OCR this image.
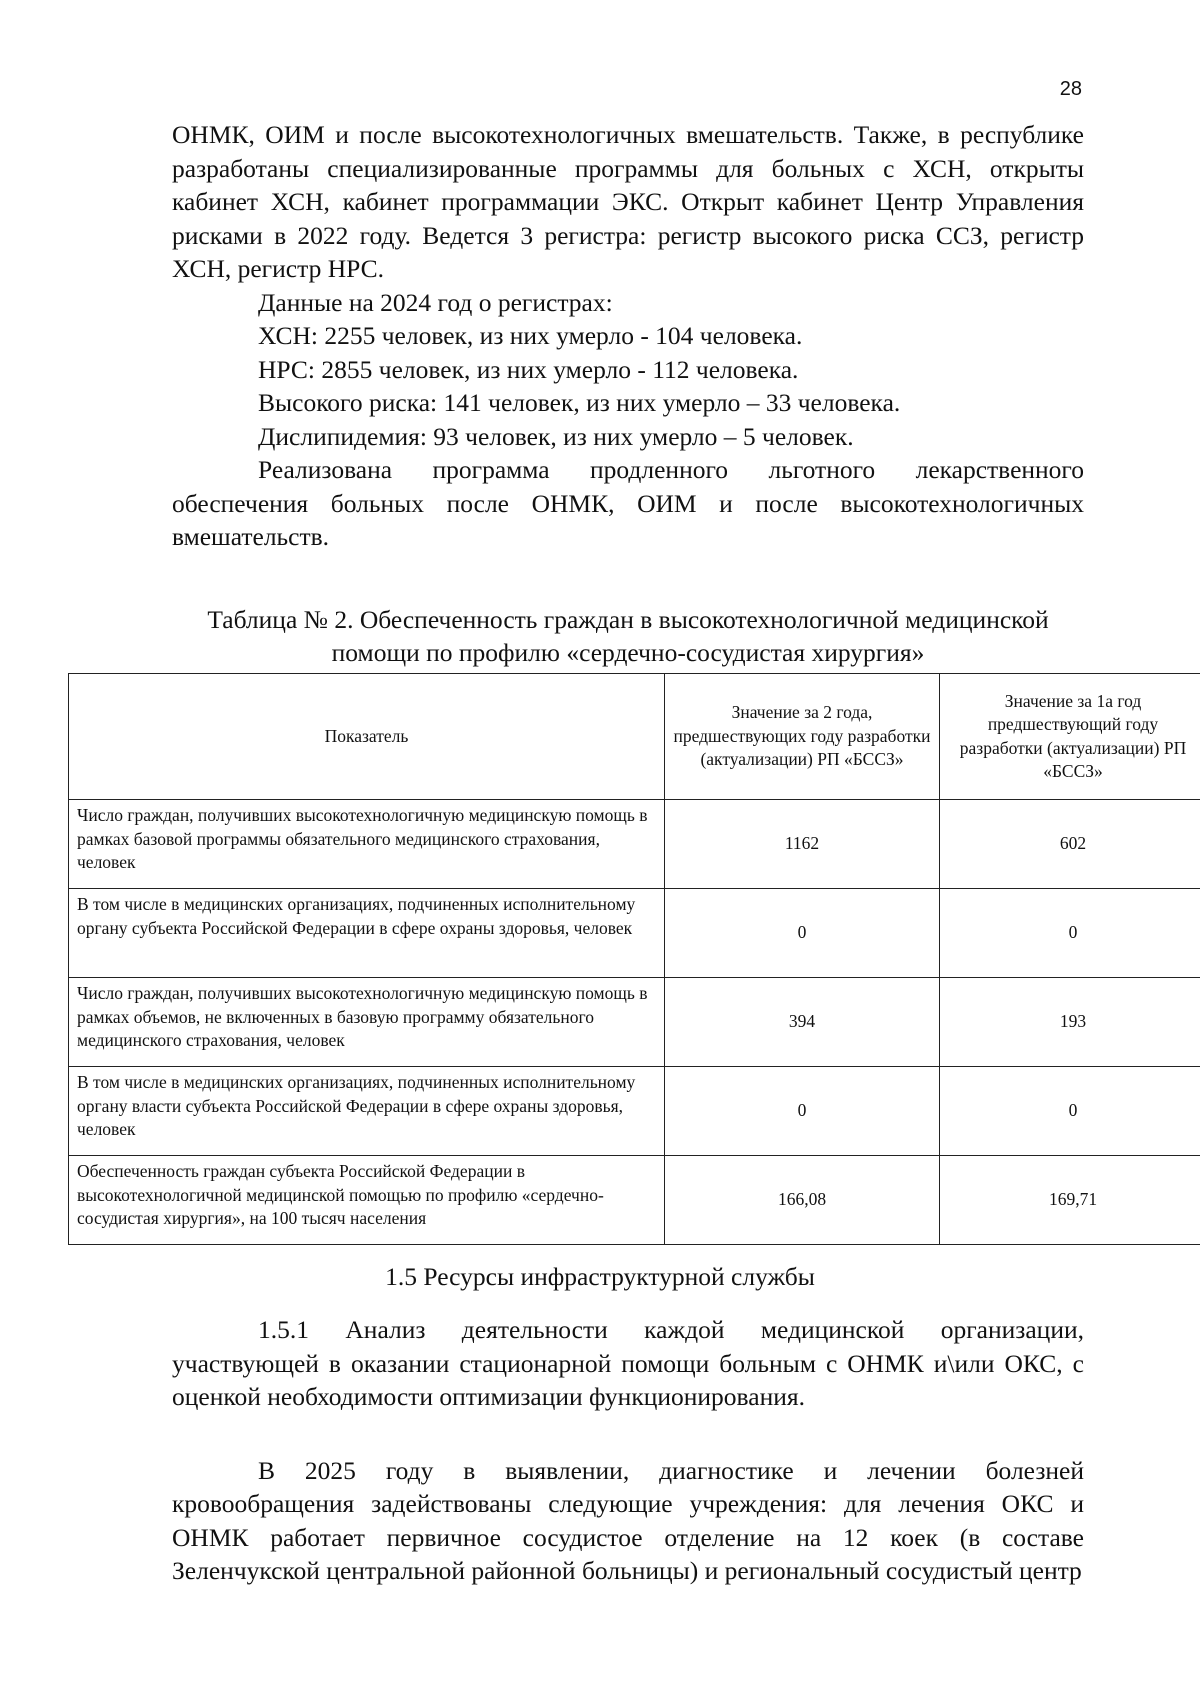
28

ОНМК, ОИМ и после высокотехнологичных вмешательств. Также, в республике разработаны специализированные программы для больных с ХСН, открыты кабинет ХСН, кабинет программации ЭКС. Открыт кабинет Центр Управления рисками в 2022 году. Ведется 3 регистра: регистр высокого риска ССЗ, регистр ХСН, регистр НРС.

Данные на 2024 год о регистрах:

ХСН: 2255 человек, из них умерло - 104 человека.

НРС: 2855 человек, из них умерло - 112 человека.

Высокого риска: 141 человек, из них умерло – 33 человека.

Дислипидемия: 93 человек, из них умерло – 5 человек.

Реализована программа продленного льготного лекарственного обеспечения больных после ОНМК, ОИМ и после высокотехнологичных вмешательств.

Таблица № 2. Обеспеченность граждан в высокотехнологичной медицинской помощи по профилю «сердечно-сосудистая хирургия»

Показатель	Значение за 2 года, предшествующих году разработки (актуализации) РП «БССЗ»	Значение за 1а год предшествующий году разработки (актуализации) РП «БССЗ»
Число граждан, получивших высокотехнологичную медицинскую помощь в рамках базовой программы обязательного медицинского страхования, человек	1162	602
В том числе в медицинских организациях, подчиненных исполнительному органу субъекта Российской Федерации в сфере охраны здоровья, человек	0	0
Число граждан, получивших высокотехнологичную медицинскую помощь в рамках объемов, не включенных в базовую программу обязательного медицинского страхования, человек	394	193
В том числе в медицинских организациях, подчиненных исполнительному органу власти субъекта Российской Федерации в сфере охраны здоровья, человек	0	0
Обеспеченность граждан субъекта Российской Федерации в высокотехнологичной медицинской помощью по профилю «сердечно-сосудистая хирургия», на 100 тысяч населения	166,08	169,71

1.5 Ресурсы инфраструктурной службы

1.5.1 Анализ деятельности каждой медицинской организации, участвующей в оказании стационарной помощи больным с ОНМК и\или ОКС, с оценкой необходимости оптимизации функционирования.

В 2025 году в выявлении, диагностике и лечении болезней кровообращения задействованы следующие учреждения: для лечения ОКС и ОНМК работает первичное сосудистое отделение на 12 коек (в составе Зеленчукской центральной районной больницы) и региональный сосудистый центр
